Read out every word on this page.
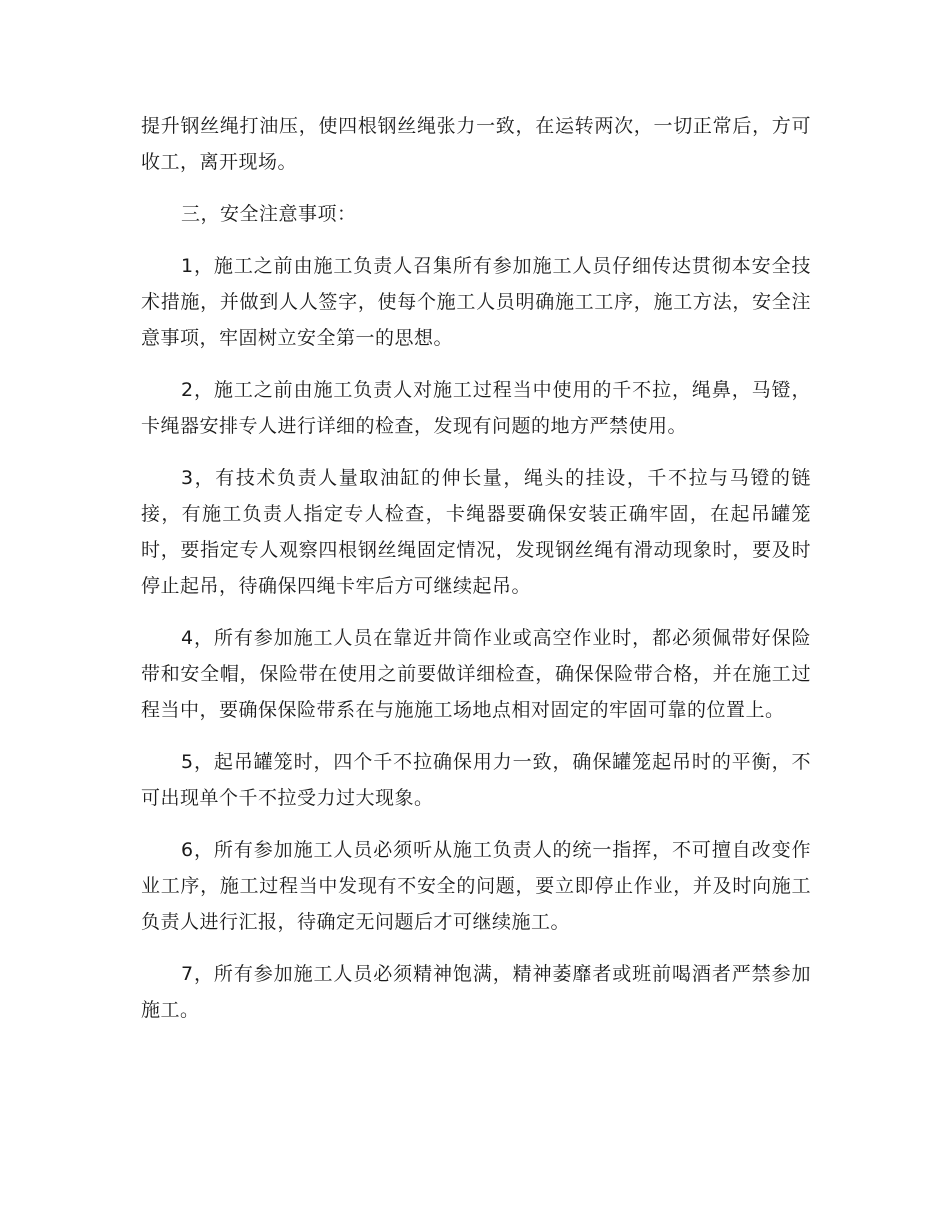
提升钢丝绳打油压，使四根钢丝绳张力一致，在运转两次，一切正常后，方可收工，离开现场。

三，安全注意事项：

1，施工之前由施工负责人召集所有参加施工人员仔细传达贯彻本安全技术措施，并做到人人签字，使每个施工人员明确施工工序，施工方法，安全注意事项，牢固树立安全第一的思想。

2，施工之前由施工负责人对施工过程当中使用的千不拉，绳鼻，马镫，卡绳器安排专人进行详细的检查，发现有问题的地方严禁使用。

3，有技术负责人量取油缸的伸长量，绳头的挂设，千不拉与马镫的链接，有施工负责人指定专人检查，卡绳器要确保安装正确牢固，在起吊罐笼时，要指定专人观察四根钢丝绳固定情况，发现钢丝绳有滑动现象时，要及时停止起吊，待确保四绳卡牢后方可继续起吊。

4，所有参加施工人员在靠近井筒作业或高空作业时，都必须佩带好保险带和安全帽，保险带在使用之前要做详细检查，确保保险带合格，并在施工过程当中，要确保保险带系在与施施工场地点相对固定的牢固可靠的位置上。

5，起吊罐笼时，四个千不拉确保用力一致，确保罐笼起吊时的平衡，不可出现单个千不拉受力过大现象。

6，所有参加施工人员必须听从施工负责人的统一指挥，不可擅自改变作业工序，施工过程当中发现有不安全的问题，要立即停止作业，并及时向施工负责人进行汇报，待确定无问题后才可继续施工。

7，所有参加施工人员必须精神饱满，精神萎靡者或班前喝酒者严禁参加施工。
